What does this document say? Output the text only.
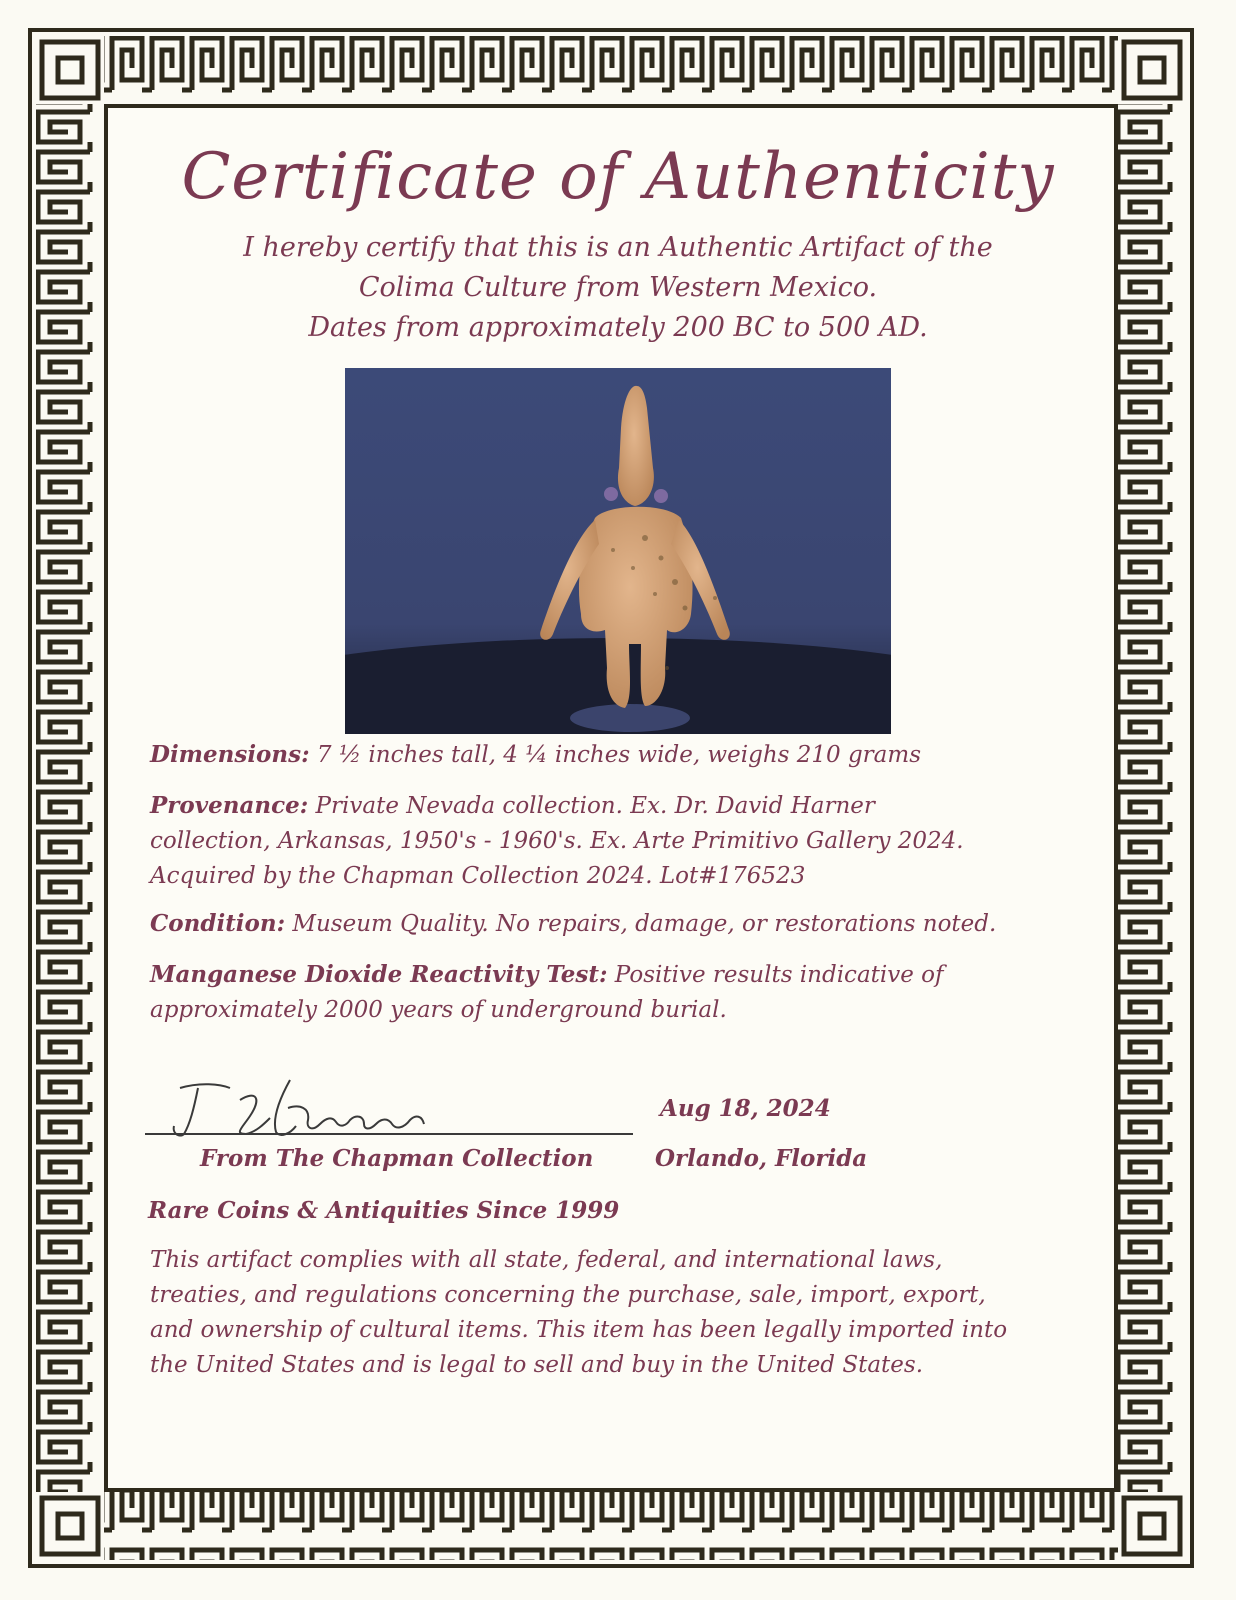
Certificate of Authenticity
I hereby certify that this is an Authentic Artifact of the
Colima Culture from Western Mexico.
Dates from approximately 200 BC to 500 AD.
Dimensions: 7 ½ inches tall, 4 ¼ inches wide, weighs 210 grams
Provenance: Private Nevada collection. Ex. Dr. David Harner
collection, Arkansas, 1950's - 1960's. Ex. Arte Primitivo Gallery 2024.
Acquired by the Chapman Collection 2024. Lot#176523
Condition: Museum Quality. No repairs, damage, or restorations noted.
Manganese Dioxide Reactivity Test: Positive results indicative of
approximately 2000 years of underground burial.
Aug 18, 2024
From The Chapman Collection	Orlando, Florida
Rare Coins & Antiquities Since 1999
This artifact complies with all state, federal, and international laws,
treaties, and regulations concerning the purchase, sale, import, export,
and ownership of cultural items. This item has been legally imported into
the United States and is legal to sell and buy in the United States.
